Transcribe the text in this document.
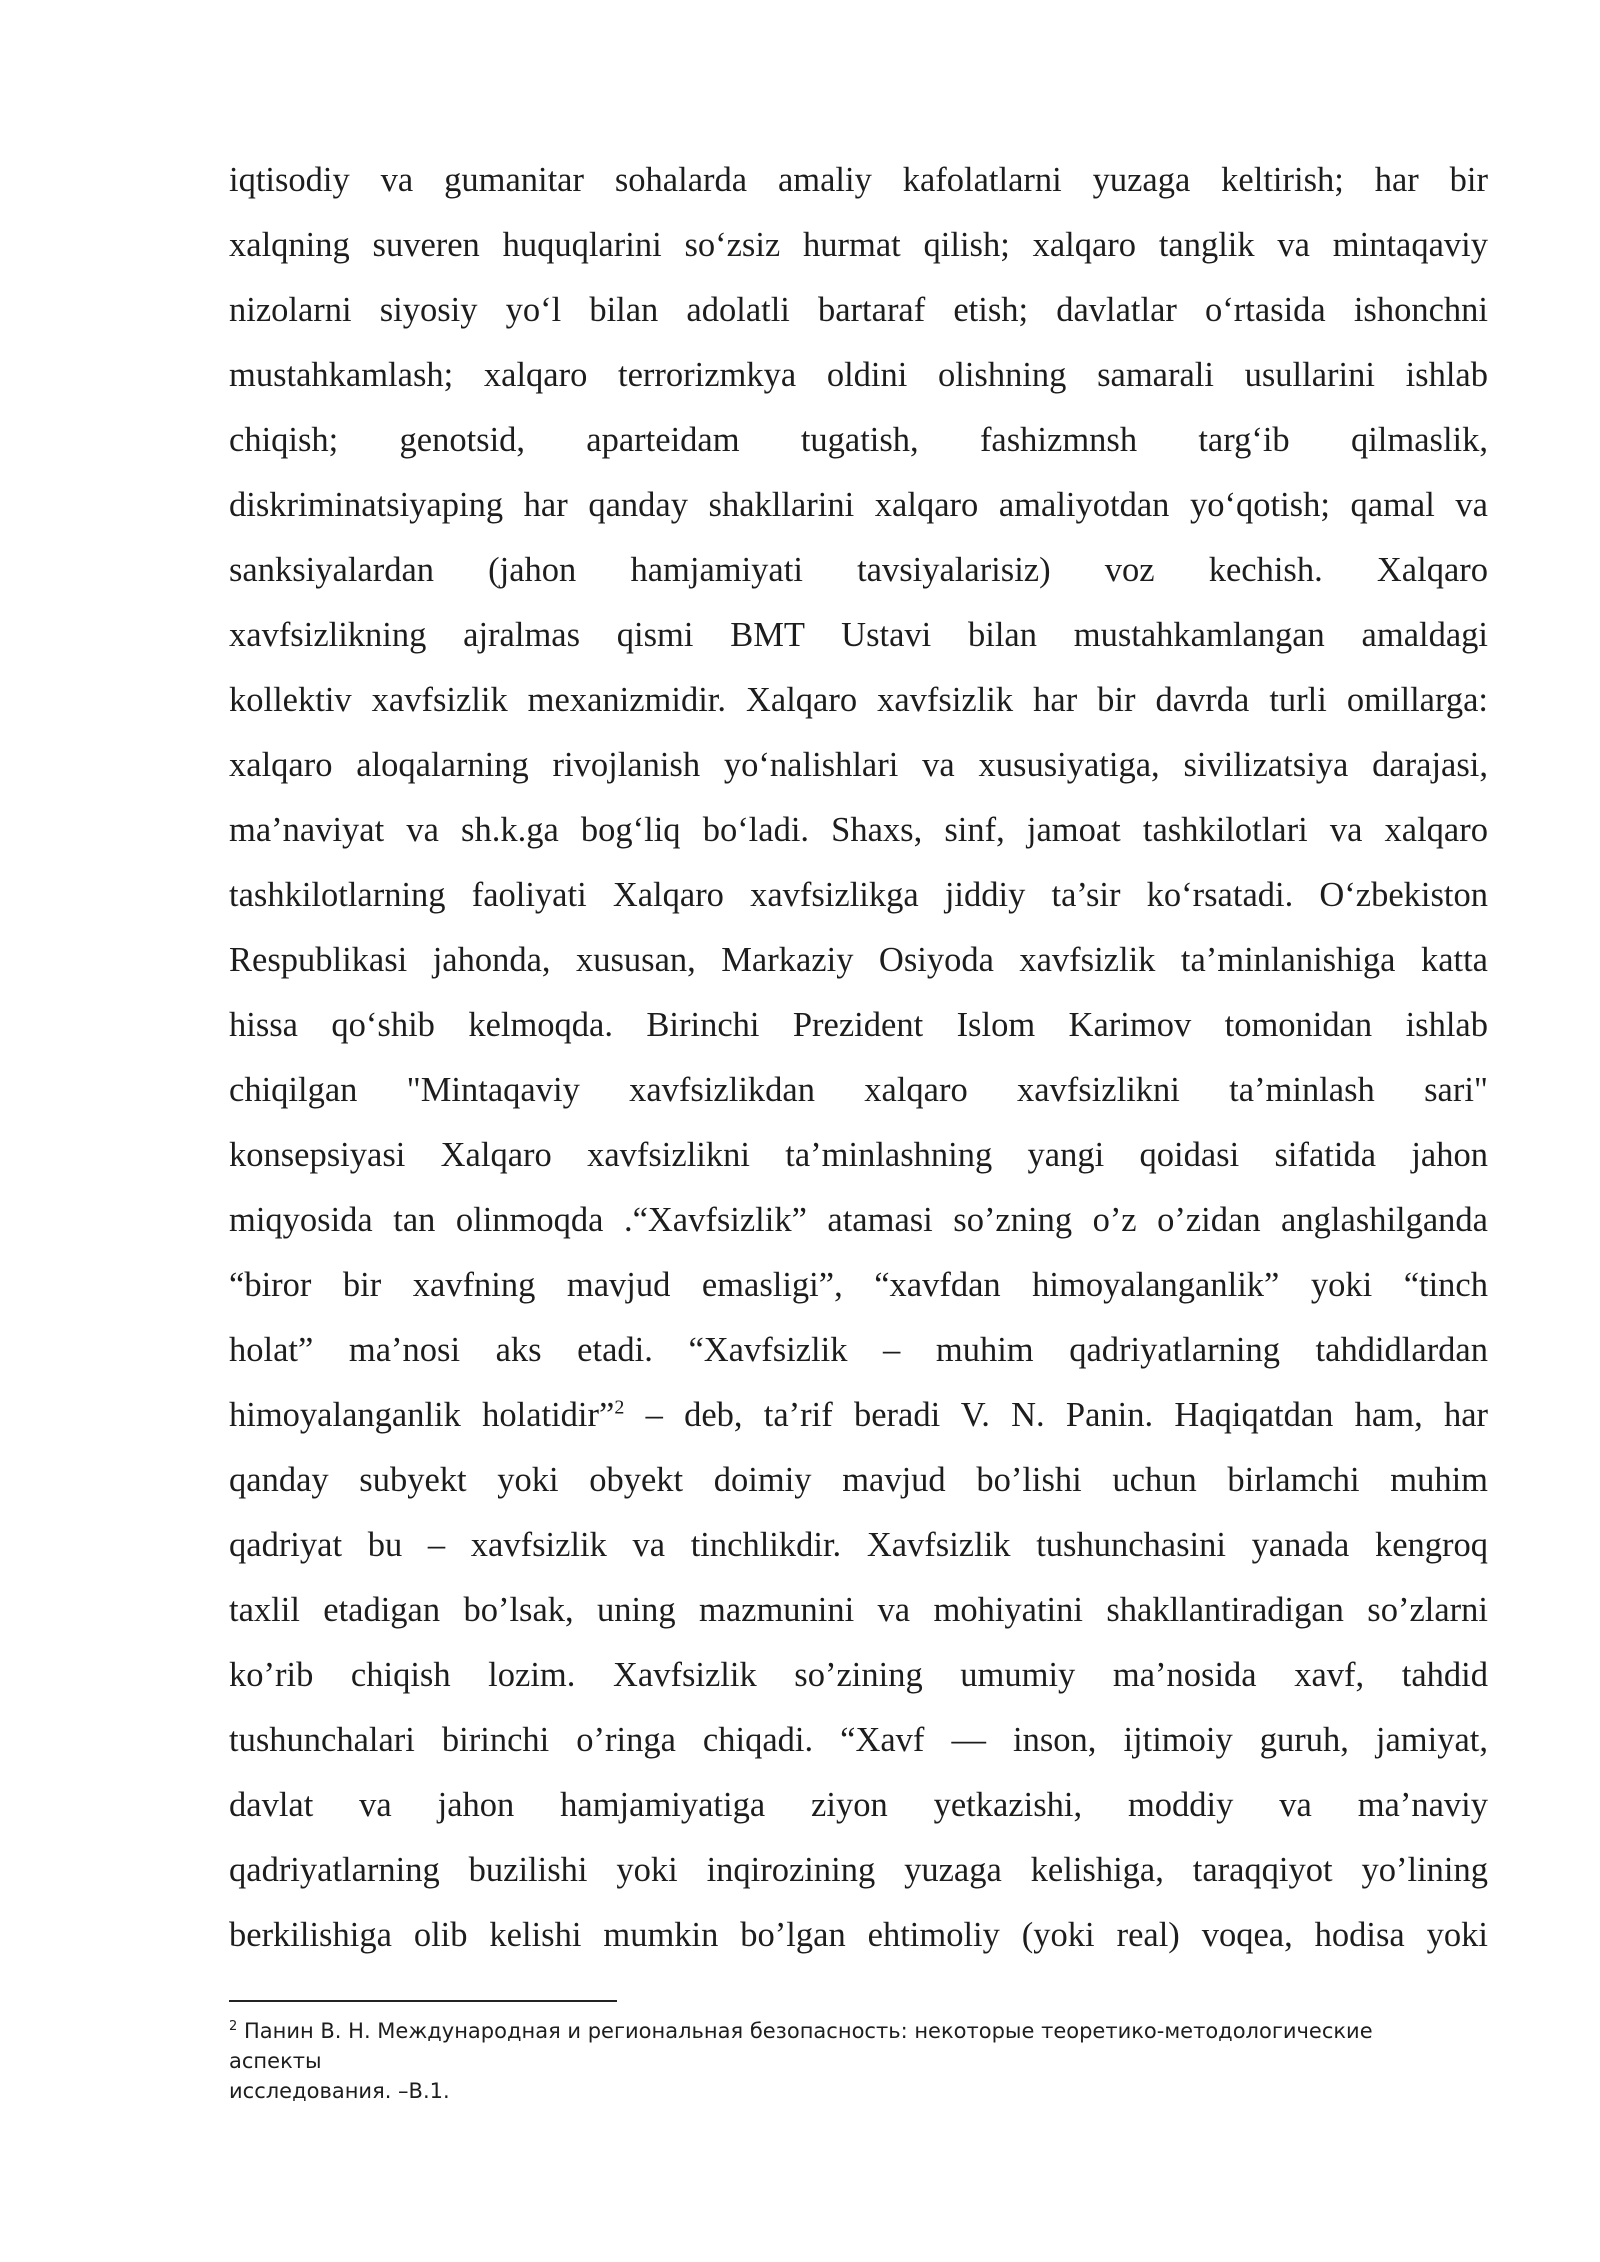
iqtisodiy va gumanitar sohalarda amaliy kafolatlarni yuzaga keltirish; har bir
xalqning suveren huquqlarini so‘zsiz hurmat qilish; xalqaro tanglik va mintaqaviy
nizolarni siyosiy yo‘l bilan adolatli bartaraf etish; davlatlar o‘rtasida ishonchni
mustahkamlash; xalqaro terrorizmkya oldini olishning samarali usullarini ishlab
chiqish; genotsid, aparteidam tugatish, fashizmnsh targ‘ib qilmaslik,
diskriminatsiyaping har qanday shakllarini xalqaro amaliyotdan yo‘qotish; qamal va
sanksiyalardan (jahon hamjamiyati tavsiyalarisiz) voz kechish. Xalqaro
xavfsizlikning ajralmas qismi BMT Ustavi bilan mustahkamlangan amaldagi
kollektiv xavfsizlik mexanizmidir. Xalqaro xavfsizlik har bir davrda turli omillarga:
xalqaro aloqalarning rivojlanish yo‘nalishlari va xususiyatiga, sivilizatsiya darajasi,
ma’naviyat va sh.k.ga bog‘liq bo‘ladi. Shaxs, sinf, jamoat tashkilotlari va xalqaro
tashkilotlarning faoliyati Xalqaro xavfsizlikga jiddiy ta’sir ko‘rsatadi. O‘zbekiston
Respublikasi jahonda, xususan, Markaziy Osiyoda xavfsizlik ta’minlanishiga katta
hissa qo‘shib kelmoqda. Birinchi Prezident Islom Karimov tomonidan ishlab
chiqilgan "Mintaqaviy xavfsizlikdan xalqaro xavfsizlikni ta’minlash sari"
konsepsiyasi Xalqaro xavfsizlikni ta’minlashning yangi qoidasi sifatida jahon
miqyosida tan olinmoqda .“Xavfsizlik” atamasi so’zning o’z o’zidan anglashilganda
“biror bir xavfning mavjud emasligi”, “xavfdan himoyalanganlik” yoki “tinch
holat” ma’nosi aks etadi. “Xavfsizlik – muhim qadriyatlarning tahdidlardan
himoyalanganlik holatidir”$^2$ – deb, ta’rif beradi V. N. Panin. Haqiqatdan ham, har
qanday subyekt yoki obyekt doimiy mavjud bo’lishi uchun birlamchi muhim
qadriyat bu – xavfsizlik va tinchlikdir. Xavfsizlik tushunchasini yanada kengroq
taxlil etadigan bo’lsak, uning mazmunini va mohiyatini shakllantiradigan so’zlarni
ko’rib chiqish lozim. Xavfsizlik so’zining umumiy ma’nosida xavf, tahdid
tushunchalari birinchi o’ringa chiqadi. “Xavf — inson, ijtimoiy guruh, jamiyat,
davlat va jahon hamjamiyatiga ziyon yetkazishi, moddiy va ma’naviy
qadriyatlarning buzilishi yoki inqirozining yuzaga kelishiga, taraqqiyot yo’lining
berkilishiga olib kelishi mumkin bo’lgan ehtimoliy (yoki real) voqea, hodisa yoki
$^2$ Панин В. Н. Международная и региональная безопасность: некоторые теоретико-методологические
аспекты
исследования. –В.1.
